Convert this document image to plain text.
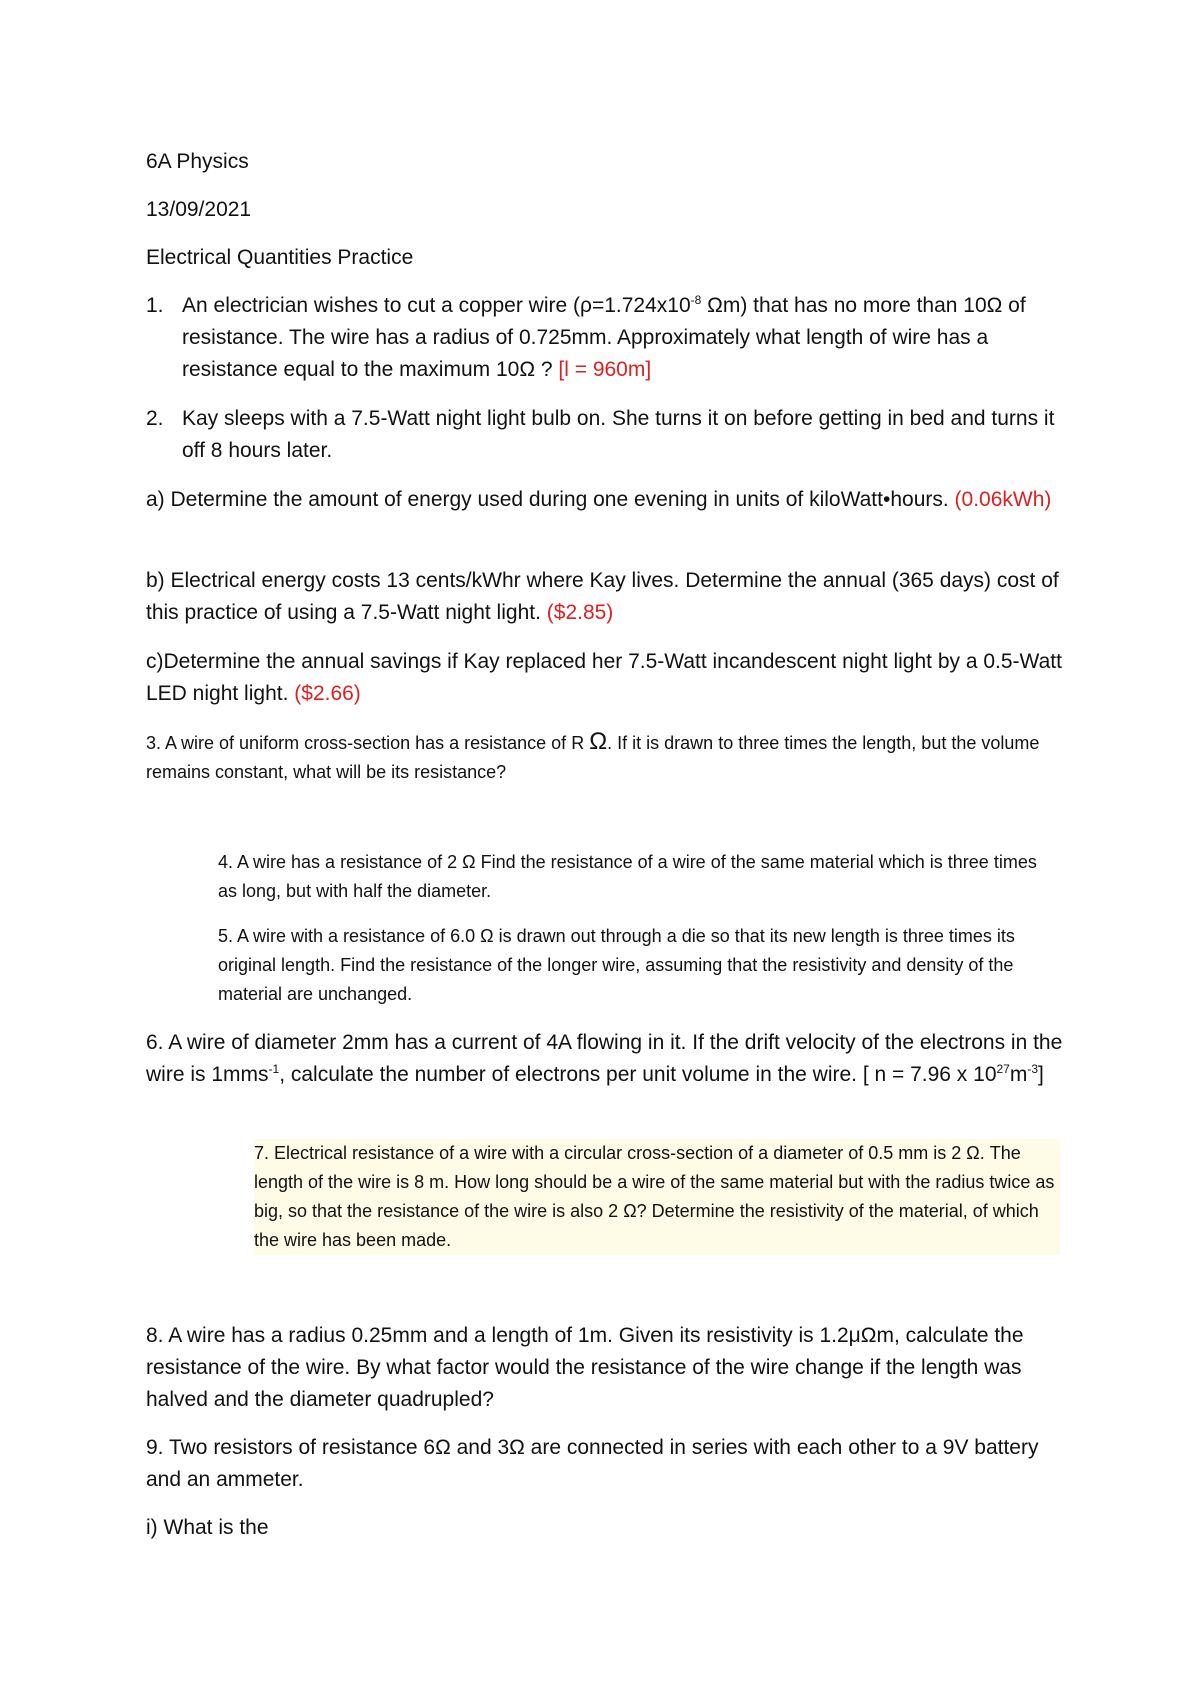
6A Physics

13/09/2021

Electrical Quantities Practice

1. An electrician wishes to cut a copper wire ($\rho=1.724x10^{-8}$ Ωm) that has no more than 10Ω of resistance. The wire has a radius of 0.725mm. Approximately what length of wire has a resistance equal to the maximum 10Ω ? [l = 960m]
2. Kay sleeps with a 7.5-Watt night light bulb on. She turns it on before getting in bed and turns it off 8 hours later.
a) Determine the amount of energy used during one evening in units of kiloWatt•hours. (0.06kWh)
b) Electrical energy costs 13 cents/kWhr where Kay lives. Determine the annual (365 days) cost of this practice of using a 7.5-Watt night light. ($2.85)
c)Determine the annual savings if Kay replaced her 7.5-Watt incandescent night light by a 0.5-Watt LED night light. ($2.66)
3. A wire of uniform cross-section has a resistance of R Ω. If it is drawn to three times the length, but the volume remains constant, what will be its resistance?
4. A wire has a resistance of 2 Ω Find the resistance of a wire of the same material which is three times as long, but with half the diameter.
5. A wire with a resistance of 6.0 Ω is drawn out through a die so that its new length is three times its original length. Find the resistance of the longer wire, assuming that the resistivity and density of the material are unchanged.
6. A wire of diameter 2mm has a current of 4A flowing in it. If the drift velocity of the electrons in the wire is 1mms$^{-1}$, calculate the number of electrons per unit volume in the wire. [ n = 7.96 x $10^{27}m^{-3}$]
7. Electrical resistance of a wire with a circular cross-section of a diameter of 0.5 mm is 2 Ω. The length of the wire is 8 m. How long should be a wire of the same material but with the radius twice as big, so that the resistance of the wire is also 2 Ω? Determine the resistivity of the material, of which the wire has been made.
8. A wire has a radius 0.25mm and a length of 1m. Given its resistivity is 1.2μΩm, calculate the resistance of the wire. By what factor would the resistance of the wire change if the length was halved and the diameter quadrupled?
9. Two resistors of resistance 6Ω and 3Ω are connected in series with each other to a 9V battery and an ammeter.
i) What is the
